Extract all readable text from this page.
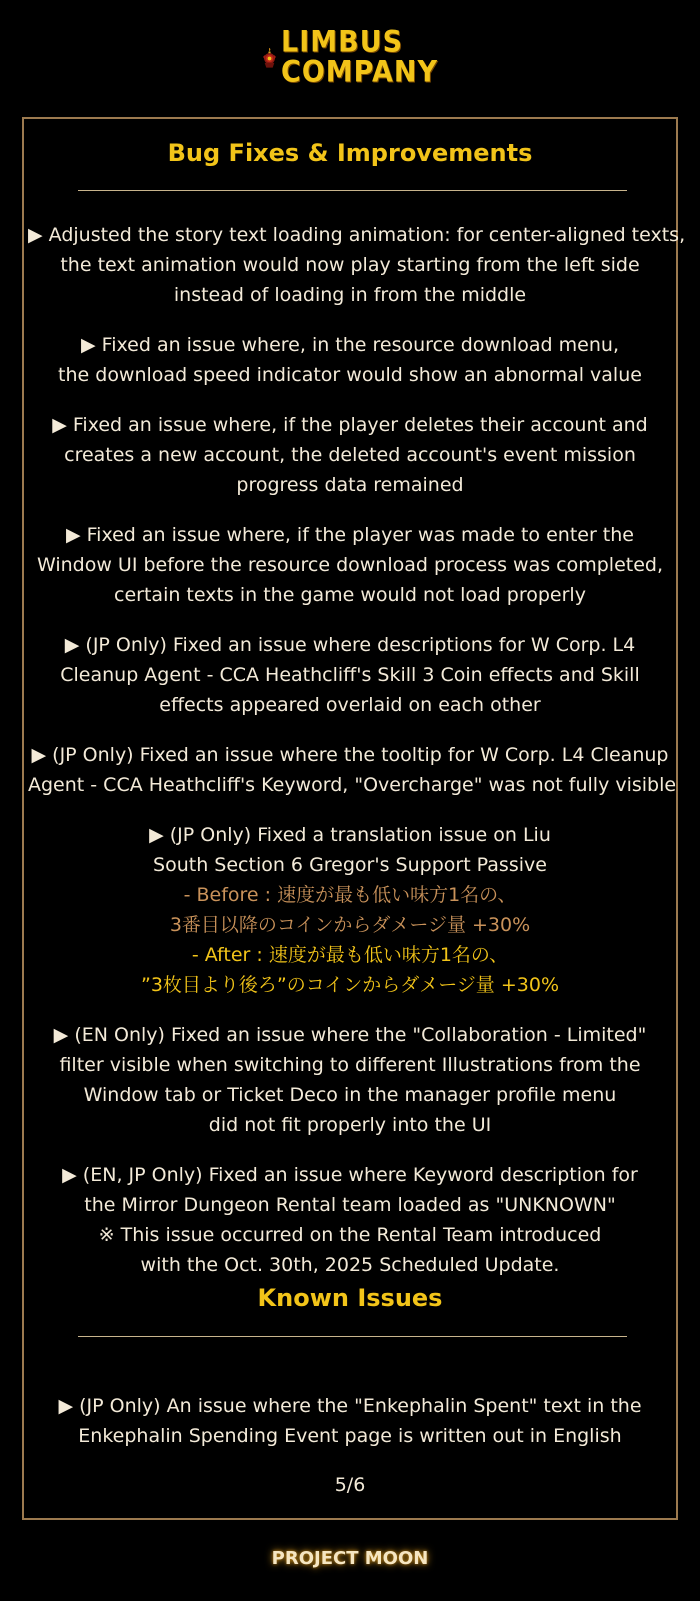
LIMBUS
COMPANY
Bug Fixes & Improvements
▶ Adjusted the story text loading animation: for center-aligned texts,
the text animation would now play starting from the left side
instead of loading in from the middle
▶ Fixed an issue where, in the resource download menu,
the download speed indicator would show an abnormal value
▶ Fixed an issue where, if the player deletes their account and
creates a new account, the deleted account's event mission
progress data remained
▶ Fixed an issue where, if the player was made to enter the
Window UI before the resource download process was completed,
certain texts in the game would not load properly
▶ (JP Only) Fixed an issue where descriptions for W Corp. L4
Cleanup Agent - CCA Heathcliff's Skill 3 Coin effects and Skill
effects appeared overlaid on each other
▶ (JP Only) Fixed an issue where the tooltip for W Corp. L4 Cleanup
Agent - CCA Heathcliff's Keyword, "Overcharge" was not fully visible
▶ (JP Only) Fixed a translation issue on Liu
South Section 6 Gregor's Support Passive
- Before : 速度が最も低い味方1名の、
3番目以降のコインからダメージ量 +30%
- After : 速度が最も低い味方1名の、
”3枚目より後ろ”のコインからダメージ量 +30%
▶ (EN Only) Fixed an issue where the "Collaboration - Limited"
filter visible when switching to different Illustrations from the
Window tab or Ticket Deco in the manager profile menu
did not fit properly into the UI
▶ (EN, JP Only) Fixed an issue where Keyword description for
the Mirror Dungeon Rental team loaded as "UNKNOWN"
※ This issue occurred on the Rental Team introduced
with the Oct. 30th, 2025 Scheduled Update.
Known Issues
▶ (JP Only) An issue where the "Enkephalin Spent" text in the
Enkephalin Spending Event page is written out in English
5/6
PROJECT MOON
